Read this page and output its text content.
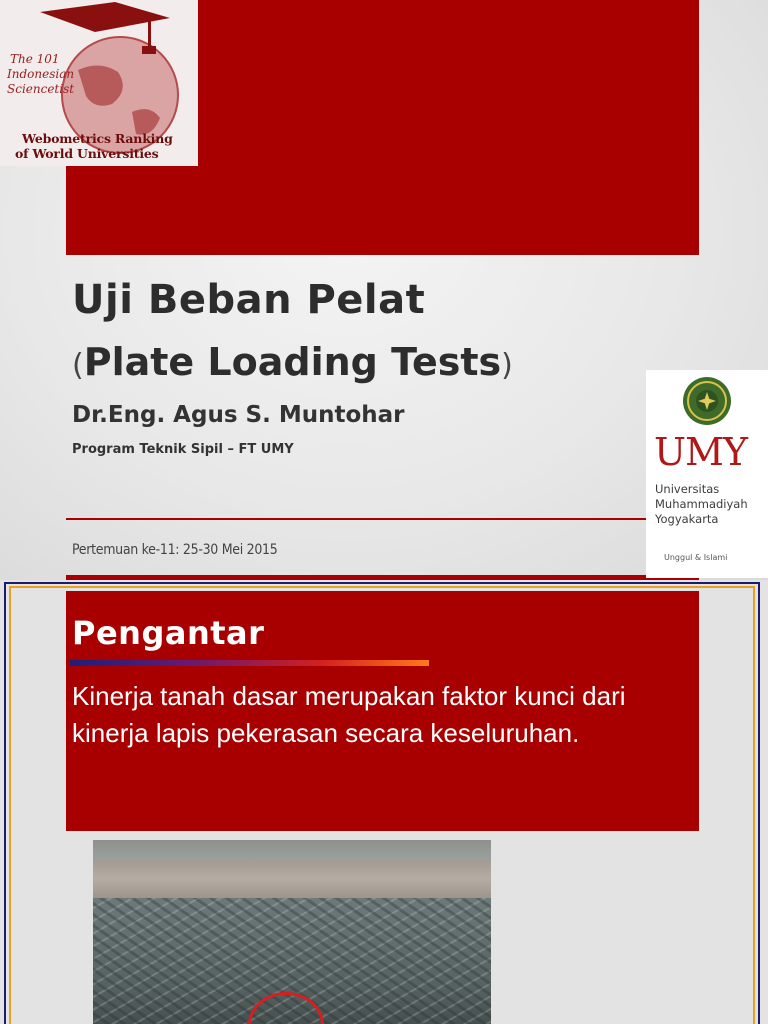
The 101
Indonesian
Sciencetist
Webometrics Ranking
of World Universities
Uji Beban Pelat
(Plate Loading Tests)

Dr.Eng. Agus S. Muntohar

Program Teknik Sipil – FT UMY

Pertemuan ke-11: 25-30 Mei 2015
UMY
Universitas
Muhammadiyah
Yogyakarta
Unggul & Islami
Pengantar

Kinerja tanah dasar merupakan faktor kunci dari kinerja lapis pekerasan secara keseluruhan.
